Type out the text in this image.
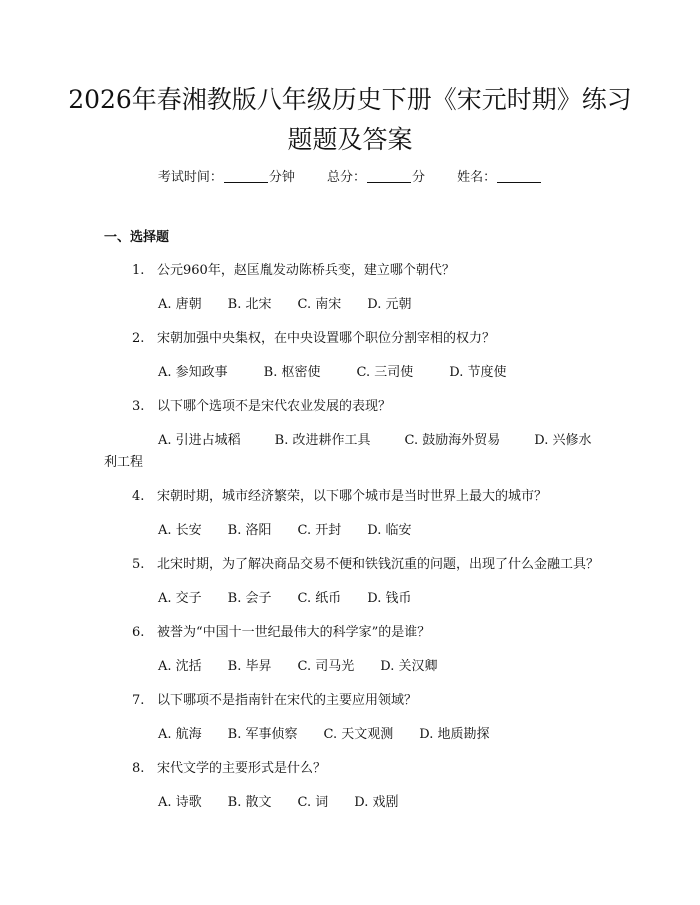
2026年春湘教版八年级历史下册《宋元时期》练习题题及答案
考试时间：	分钟 总分：	分 姓名：
一、选择题

1. 公元960年，赵匡胤发动陈桥兵变，建立哪个朝代？

A. 唐朝 B. 北宋 C. 南宋 D. 元朝

2. 宋朝加强中央集权，在中央设置哪个职位分割宰相的权力？

A. 参知政事	B. 枢密使	C. 三司使	D. 节度使

3. 以下哪个选项不是宋代农业发展的表现？

A. 引进占城稻	B. 改进耕作工具	C. 鼓励海外贸易	D. 兴修水利工程

4. 宋朝时期，城市经济繁荣，以下哪个城市是当时世界上最大的城市？

A. 长安 B. 洛阳 C. 开封 D. 临安

5. 北宋时期，为了解决商品交易不便和铁钱沉重的问题，出现了什么金融工具？

A. 交子 B. 会子 C. 纸币 D. 钱币

6. 被誉为“中国十一世纪最伟大的科学家”的是谁？

A. 沈括 B. 毕昇 C. 司马光 D. 关汉卿

7. 以下哪项不是指南针在宋代的主要应用领域？

A. 航海 B. 军事侦察 C. 天文观测 D. 地质勘探

8. 宋代文学的主要形式是什么？

A. 诗歌 B. 散文 C. 词 D. 戏剧
